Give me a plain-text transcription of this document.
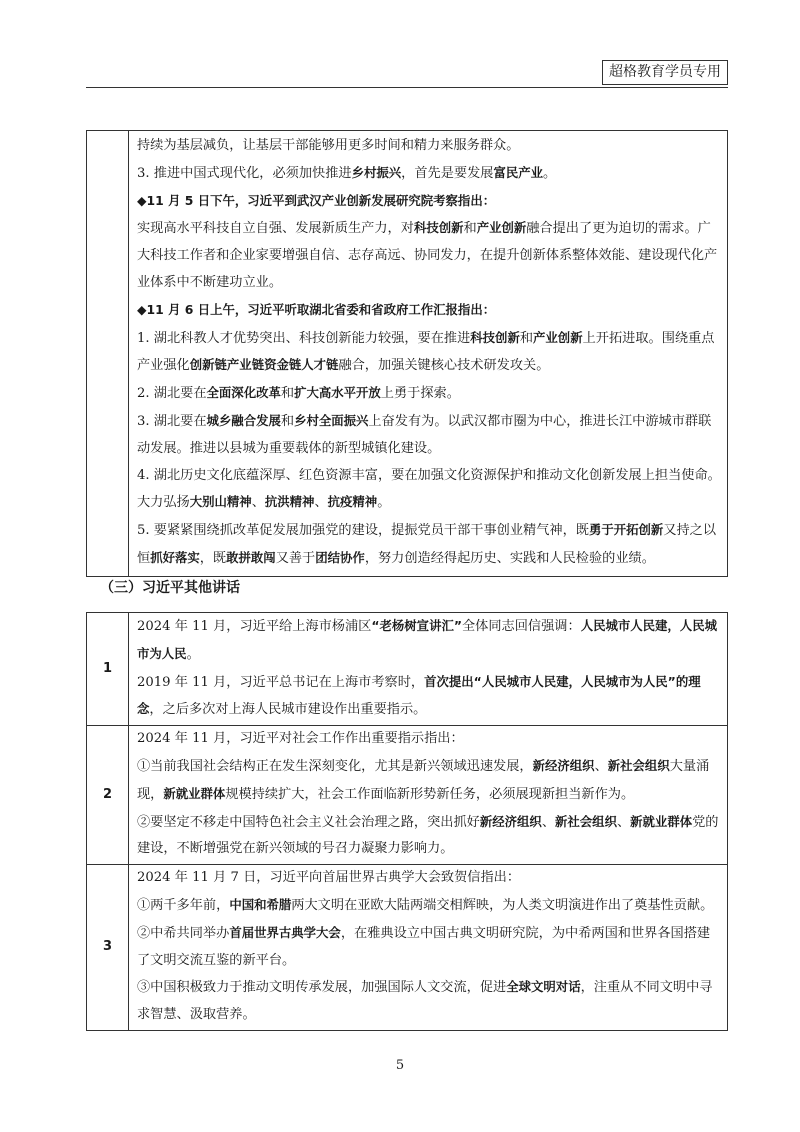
超格教育学员专用

持续为基层减负，让基层干部能够用更多时间和精力来服务群众。

3. 推进中国式现代化，必须加快推进乡村振兴，首先是要发展富民产业。

◆11 月 5 日下午，习近平到武汉产业创新发展研究院考察指出：

实现高水平科技自立自强、发展新质生产力，对科技创新和产业创新融合提出了更为迫切的需求。广大科技工作者和企业家要增强自信、志存高远、协同发力，在提升创新体系整体效能、建设现代化产业体系中不断建功立业。

◆11 月 6 日上午，习近平听取湖北省委和省政府工作汇报指出：

1. 湖北科教人才优势突出、科技创新能力较强，要在推进科技创新和产业创新上开拓进取。围绕重点产业强化创新链产业链资金链人才链融合，加强关键核心技术研发攻关。

2. 湖北要在全面深化改革和扩大高水平开放上勇于探索。

3. 湖北要在城乡融合发展和乡村全面振兴上奋发有为。以武汉都市圈为中心，推进长江中游城市群联动发展。推进以县城为重要载体的新型城镇化建设。

4. 湖北历史文化底蕴深厚、红色资源丰富，要在加强文化资源保护和推动文化创新发展上担当使命。大力弘扬大别山精神、抗洪精神、抗疫精神。

5. 要紧紧围绕抓改革促发展加强党的建设，提振党员干部干事创业精气神，既勇于开拓创新又持之以恒抓好落实，既敢拼敢闯又善于团结协作，努力创造经得起历史、实践和人民检验的业绩。

（三）习近平其他讲话
1	2024 年 11 月，习近平给上海市杨浦区“老杨树宣讲汇”全体同志回信强调：人民城市人民建，人民城市为人民。

2019 年 11 月，习近平总书记在上海市考察时，首次提出“人民城市人民建，人民城市为人民”的理念，之后多次对上海人民城市建设作出重要指示。

2	2024 年 11 月，习近平对社会工作作出重要指示指出：

①当前我国社会结构正在发生深刻变化，尤其是新兴领域迅速发展，新经济组织、新社会组织大量涌现，新就业群体规模持续扩大，社会工作面临新形势新任务，必须展现新担当新作为。

②要坚定不移走中国特色社会主义社会治理之路，突出抓好新经济组织、新社会组织、新就业群体党的建设，不断增强党在新兴领域的号召力凝聚力影响力。

3	2024 年 11 月 7 日，习近平向首届世界古典学大会致贺信指出：

①两千多年前，中国和希腊两大文明在亚欧大陆两端交相辉映，为人类文明演进作出了奠基性贡献。

②中希共同举办首届世界古典学大会，在雅典设立中国古典文明研究院，为中希两国和世界各国搭建了文明交流互鉴的新平台。

③中国积极致力于推动文明传承发展，加强国际人文交流，促进全球文明对话，注重从不同文明中寻求智慧、汲取营养。

5
